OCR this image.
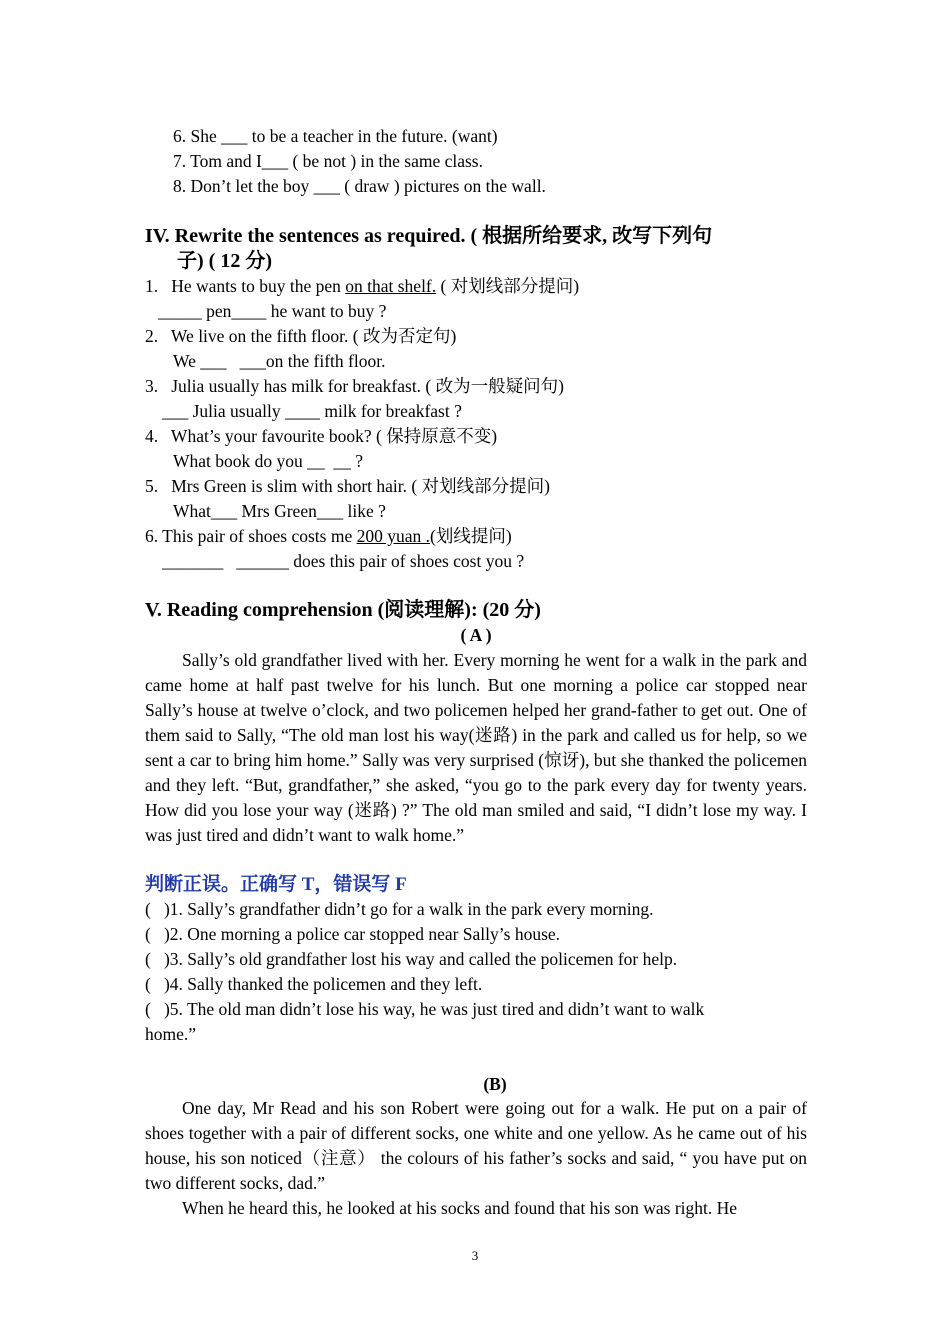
6. She ___ to be a teacher in the future. (want)
7. Tom and I___ ( be not ) in the same class.
8. Don’t let the boy ___ ( draw ) pictures on the wall.
IV. Rewrite the sentences as required. ( 根据所给要求, 改写下列句
子) ( 12 分)
1.   He wants to buy the pen on that shelf. ( 对划线部分提问)
_____ pen____ he want to buy ?
2.   We live on the fifth floor. ( 改为否定句)
We ___   ___on the fifth floor.
3.   Julia usually has milk for breakfast. ( 改为一般疑问句)
___ Julia usually ____ milk for breakfast ?
4.   What’s your favourite book? ( 保持原意不变)
What book do you __  __ ?
5.   Mrs Green is slim with short hair. ( 对划线部分提问)
What___ Mrs Green___ like ?
6. This pair of shoes costs me 200 yuan .(划线提问)
_______   ______ does this pair of shoes cost you ?
V. Reading comprehension (阅读理解): (20 分)
( A )
Sally’s old grandfather lived with her. Every morning he went for a walk in the park and came home at half past twelve for his lunch. But one morning a police car stopped near Sally’s house at twelve o’clock, and two policemen helped her grand-father to get out. One of them said to Sally, “The old man lost his way(迷路) in the park and called us for help, so we sent a car to bring him home.” Sally was very surprised (惊讶), but she thanked the policemen and they left. “But, grandfather,” she asked, “you go to the park every day for twenty years. How did you lose your way (迷路) ?” The old man smiled and said, “I didn’t lose my way. I was just tired and didn’t want to walk home.”
判断正误。正确写 T，错误写 F
(   )1. Sally’s grandfather didn’t go for a walk in the park every morning.
(   )2. One morning a police car stopped near Sally’s house.
(   )3. Sally’s old grandfather lost his way and called the policemen for help.
(   )4. Sally thanked the policemen and they left.
(   )5. The old man didn’t lose his way, he was just tired and didn’t want to walk
home.”
(B)
One day, Mr Read and his son Robert were going out for a walk. He put on a pair of shoes together with a pair of different socks, one white and one yellow. As he came out of his house, his son noticed（注意） the colours of his father’s socks and said, “ you have put on two different socks, dad.”
When he heard this, he looked at his socks and found that his son was right. He
3
